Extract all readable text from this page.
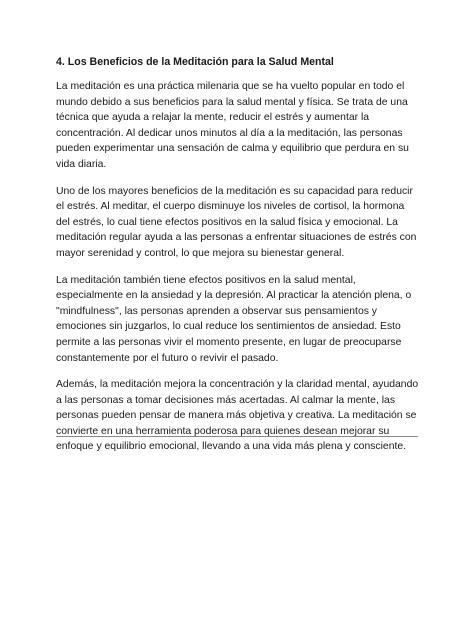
4. Los Beneficios de la Meditación para la Salud Mental

La meditación es una práctica milenaria que se ha vuelto popular en todo el mundo debido a sus beneficios para la salud mental y física. Se trata de una técnica que ayuda a relajar la mente, reducir el estrés y aumentar la concentración. Al dedicar unos minutos al día a la meditación, las personas pueden experimentar una sensación de calma y equilibrio que perdura en su vida diaria.

Uno de los mayores beneficios de la meditación es su capacidad para reducir el estrés. Al meditar, el cuerpo disminuye los niveles de cortisol, la hormona del estrés, lo cual tiene efectos positivos en la salud física y emocional. La meditación regular ayuda a las personas a enfrentar situaciones de estrés con mayor serenidad y control, lo que mejora su bienestar general.

La meditación también tiene efectos positivos en la salud mental, especialmente en la ansiedad y la depresión. Al practicar la atención plena, o "mindfulness", las personas aprenden a observar sus pensamientos y emociones sin juzgarlos, lo cual reduce los sentimientos de ansiedad. Esto permite a las personas vivir el momento presente, en lugar de preocuparse constantemente por el futuro o revivir el pasado.

Además, la meditación mejora la concentración y la claridad mental, ayudando a las personas a tomar decisiones más acertadas. Al calmar la mente, las personas pueden pensar de manera más objetiva y creativa. La meditación se convierte en una herramienta poderosa para quienes desean mejorar su enfoque y equilibrio emocional, llevando a una vida más plena y consciente.
